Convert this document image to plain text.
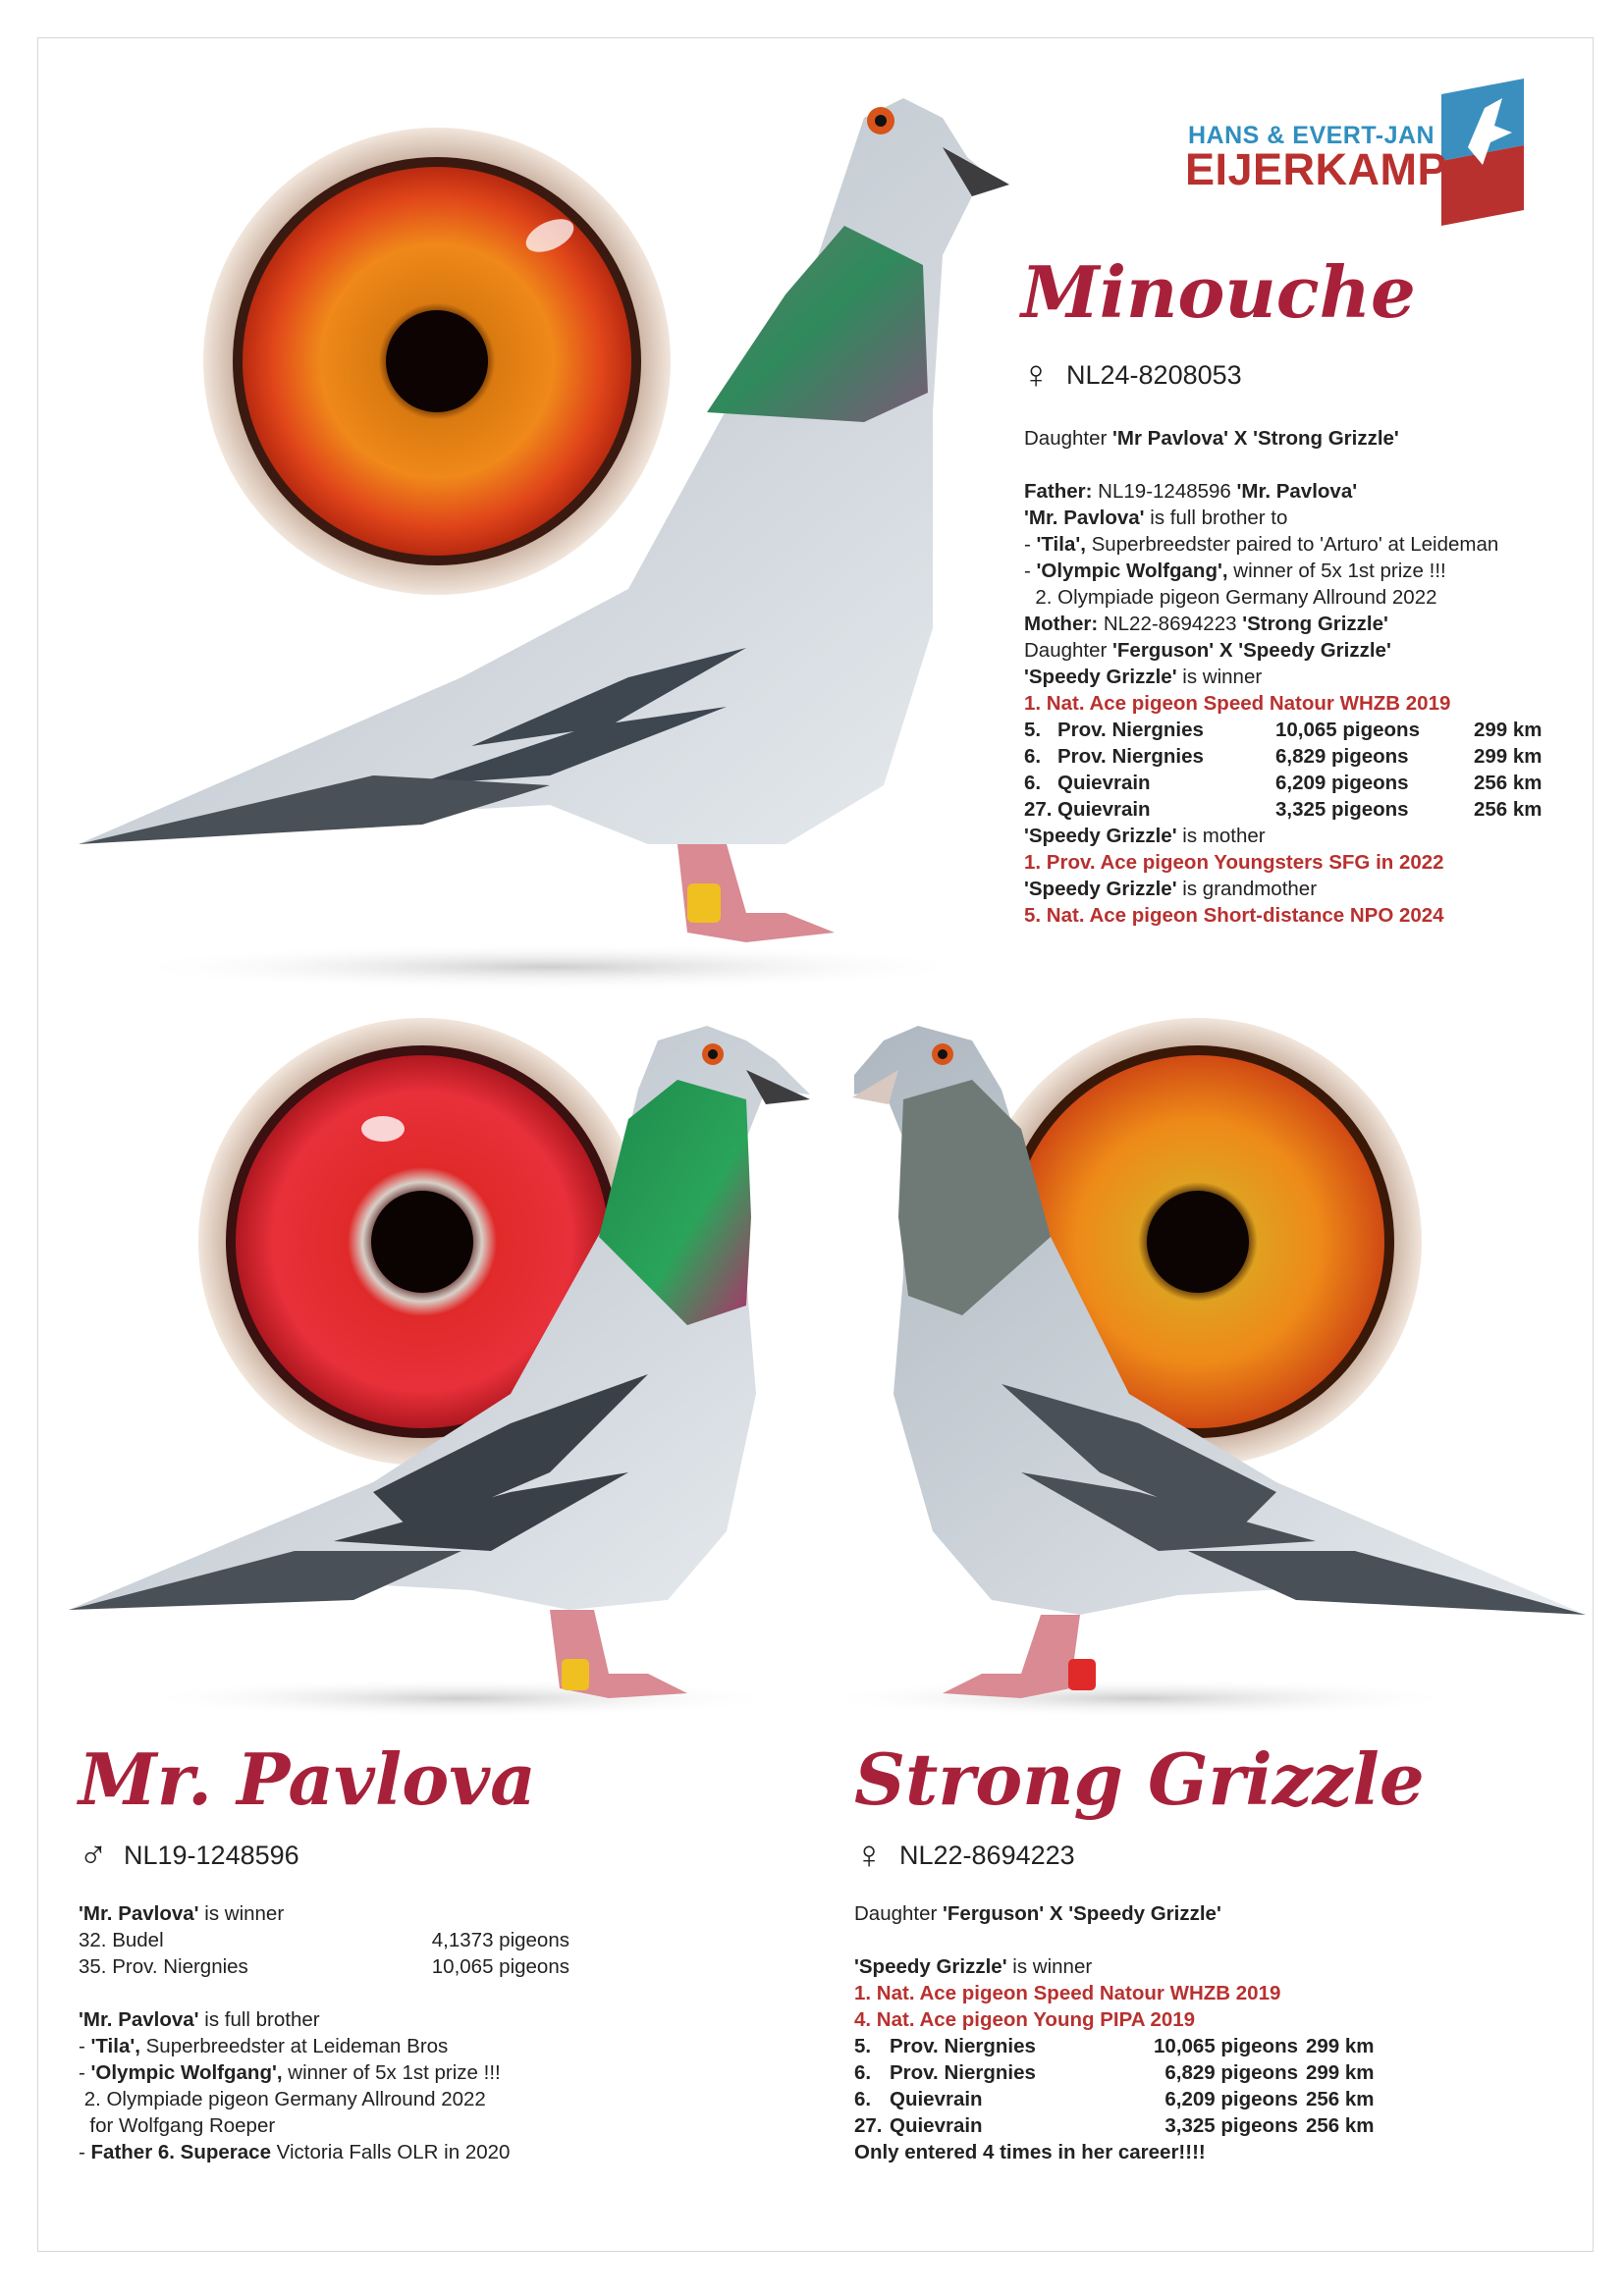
HANS & EVERT-JAN
EIJERKAMP
Minouche
♀ NL24-8208053
Daughter 'Mr Pavlova' X 'Strong Grizzle'
Father: NL19-1248596 'Mr. Pavlova'
'Mr. Pavlova' is full brother to
- 'Tila', Superbreedster paired to 'Arturo' at Leideman
- 'Olympic Wolfgang', winner of 5x 1st prize !!!
2. Olympiade pigeon Germany Allround 2022
Mother: NL22-8694223 'Strong Grizzle'
Daughter 'Ferguson' X 'Speedy Grizzle'
'Speedy Grizzle' is winner
1. Nat. Ace pigeon Speed Natour WHZB 2019
5. Prov. Niergnies	10,065 pigeons	299 km
6. Prov. Niergnies	6,829 pigeons	299 km
6. Quievrain	6,209 pigeons	256 km
27. Quievrain	3,325 pigeons	256 km
'Speedy Grizzle' is mother
1. Prov. Ace pigeon Youngsters SFG in 2022
'Speedy Grizzle' is grandmother
5. Nat. Ace pigeon Short-distance NPO 2024
Mr. Pavlova
♂ NL19-1248596
'Mr. Pavlova' is winner
32. Budel	4,1373 pigeons
35. Prov. Niergnies	10,065 pigeons
'Mr. Pavlova' is full brother
- 'Tila', Superbreedster at Leideman Bros
- 'Olympic Wolfgang', winner of 5x 1st prize !!!
2. Olympiade pigeon Germany Allround 2022
for Wolfgang Roeper
- Father 6. Superace Victoria Falls OLR in 2020
Strong Grizzle
♀ NL22-8694223
Daughter 'Ferguson' X 'Speedy Grizzle'
'Speedy Grizzle' is winner
1. Nat. Ace pigeon Speed Natour WHZB 2019
4. Nat. Ace pigeon Young PIPA 2019
5. Prov. Niergnies	10,065 pigeons 299 km
6. Prov. Niergnies	6,829 pigeons 299 km
6. Quievrain	6,209 pigeons 256 km
27. Quievrain	3,325 pigeons 256 km
Only entered 4 times in her career!!!!
